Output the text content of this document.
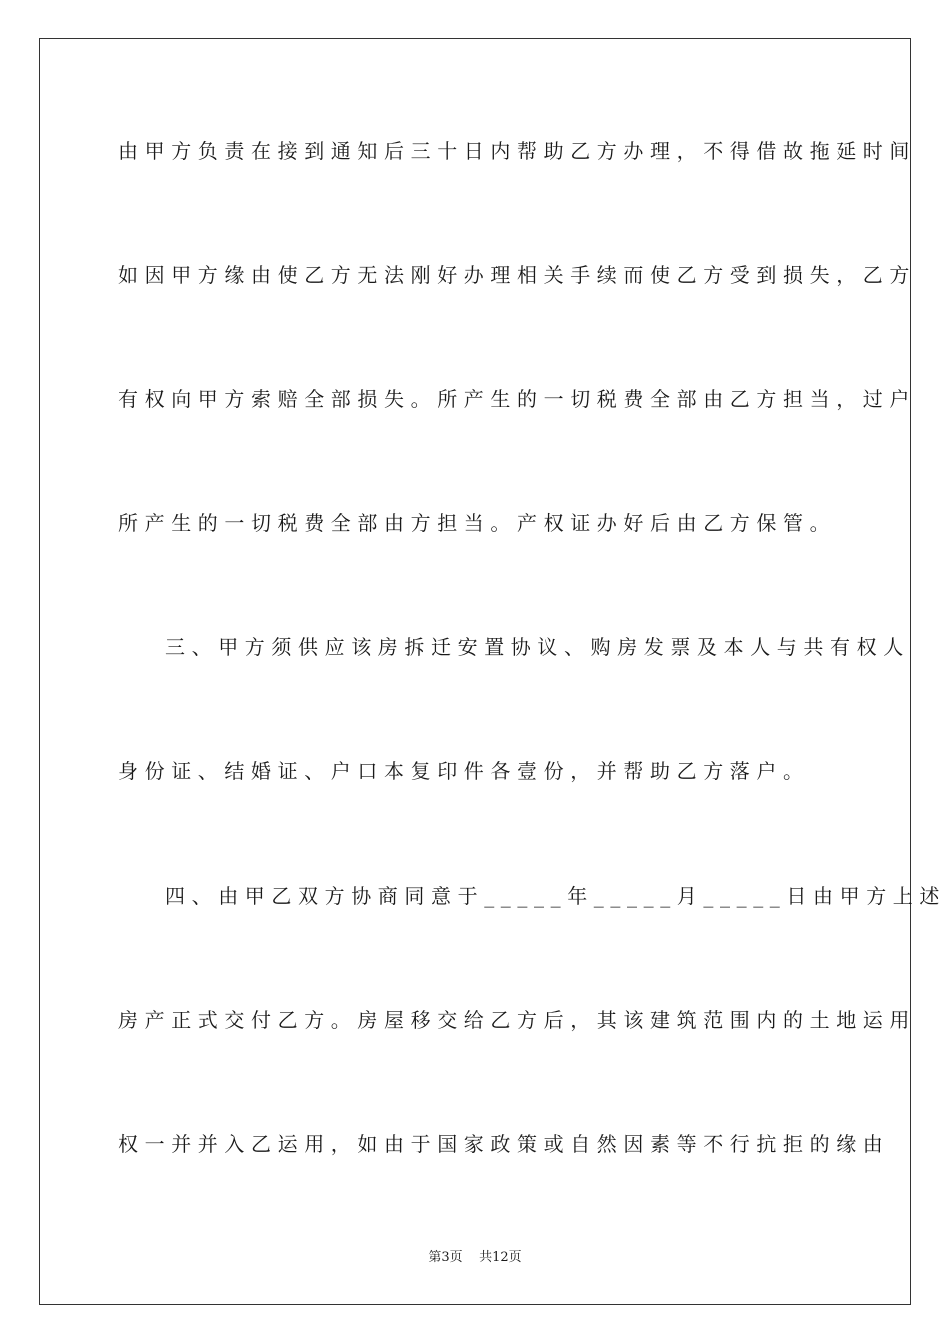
由甲方负责在接到通知后三十日内帮助乙方办理，不得借故拖延时间
如因甲方缘由使乙方无法刚好办理相关手续而使乙方受到损失，乙方
有权向甲方索赔全部损失。所产生的一切税费全部由乙方担当，过户
所产生的一切税费全部由方担当。产权证办好后由乙方保管。
三、甲方须供应该房拆迁安置协议、购房发票及本人与共有权人
身份证、结婚证、户口本复印件各壹份，并帮助乙方落户。
四、由甲乙双方协商同意于_____年_____月_____日由甲方上述
房产正式交付乙方。房屋移交给乙方后，其该建筑范围内的土地运用
权一并并入乙运用，如由于国家政策或自然因素等不行抗拒的缘由
第3页    共12页
